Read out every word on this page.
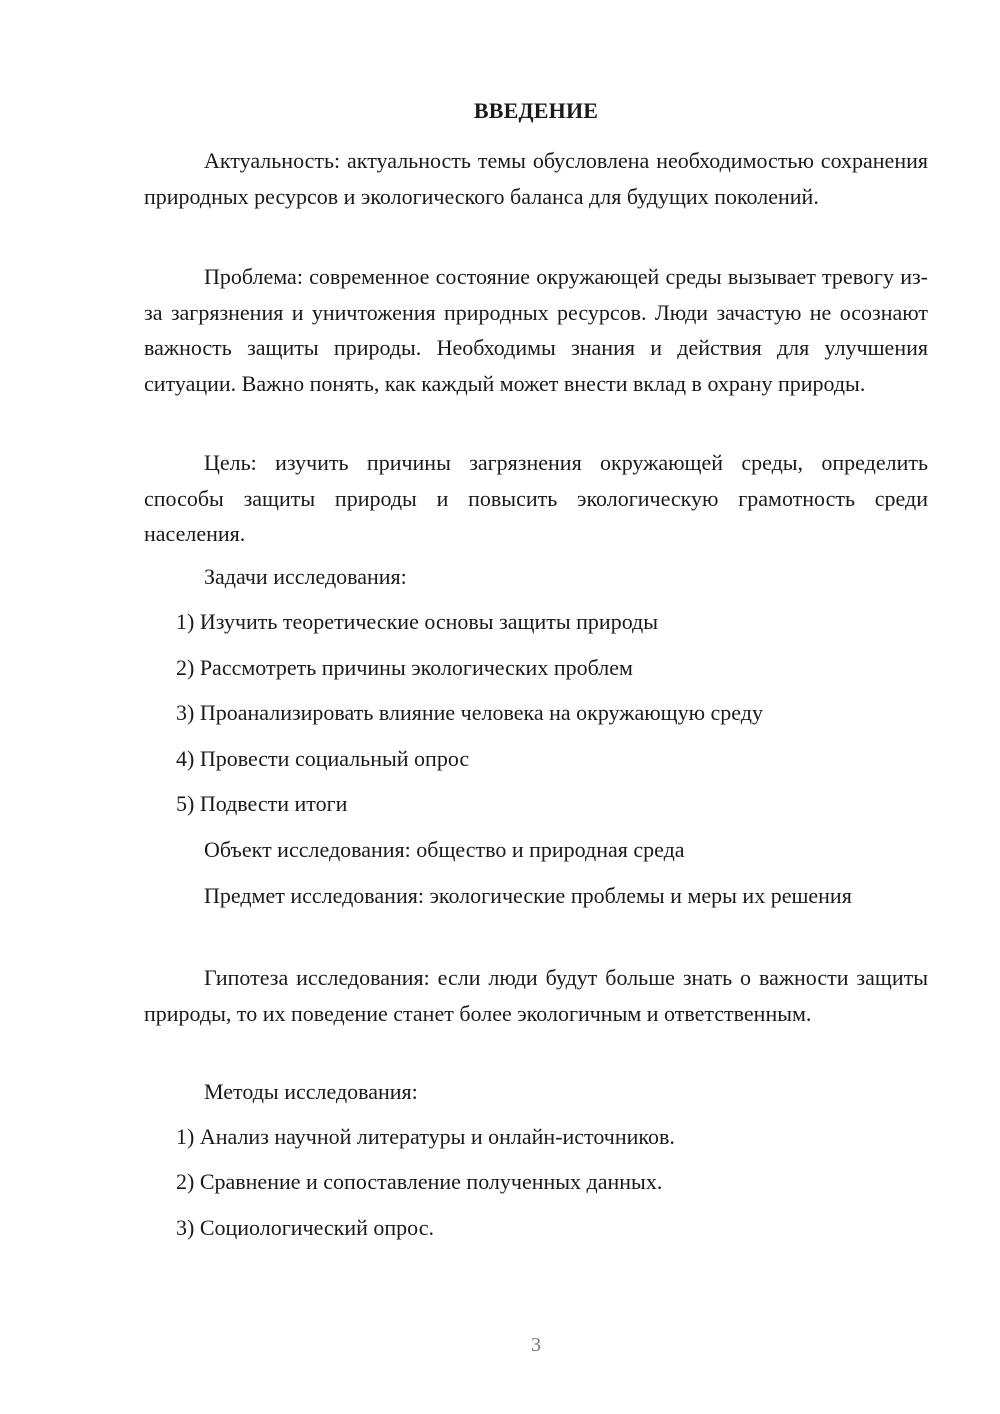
ВВЕДЕНИЕ

Актуальность: актуальность темы обусловлена необходимостью сохранения природных ресурсов и экологического баланса для будущих поколений.

Проблема: современное состояние окружающей среды вызывает тревогу из-за загрязнения и уничтожения природных ресурсов. Люди зачастую не осознают важность защиты природы. Необходимы знания и действия для улучшения ситуации. Важно понять, как каждый может внести вклад в охрану природы.

Цель: изучить причины загрязнения окружающей среды, определить способы защиты природы и повысить экологическую грамотность среди населения.

Задачи исследования:
1) Изучить теоретические основы защиты природы
2) Рассмотреть причины экологических проблем
3) Проанализировать влияние человека на окружающую среду
4) Провести социальный опрос
5) Подвести итоги
Объект исследования: общество и природная среда

Предмет исследования: экологические проблемы и меры их решения

Гипотеза исследования: если люди будут больше знать о важности защиты природы, то их поведение станет более экологичным и ответственным.

Методы исследования:
1) Анализ научной литературы и онлайн-источников.
2) Сравнение и сопоставление полученных данных.
3) Социологический опрос.
3
